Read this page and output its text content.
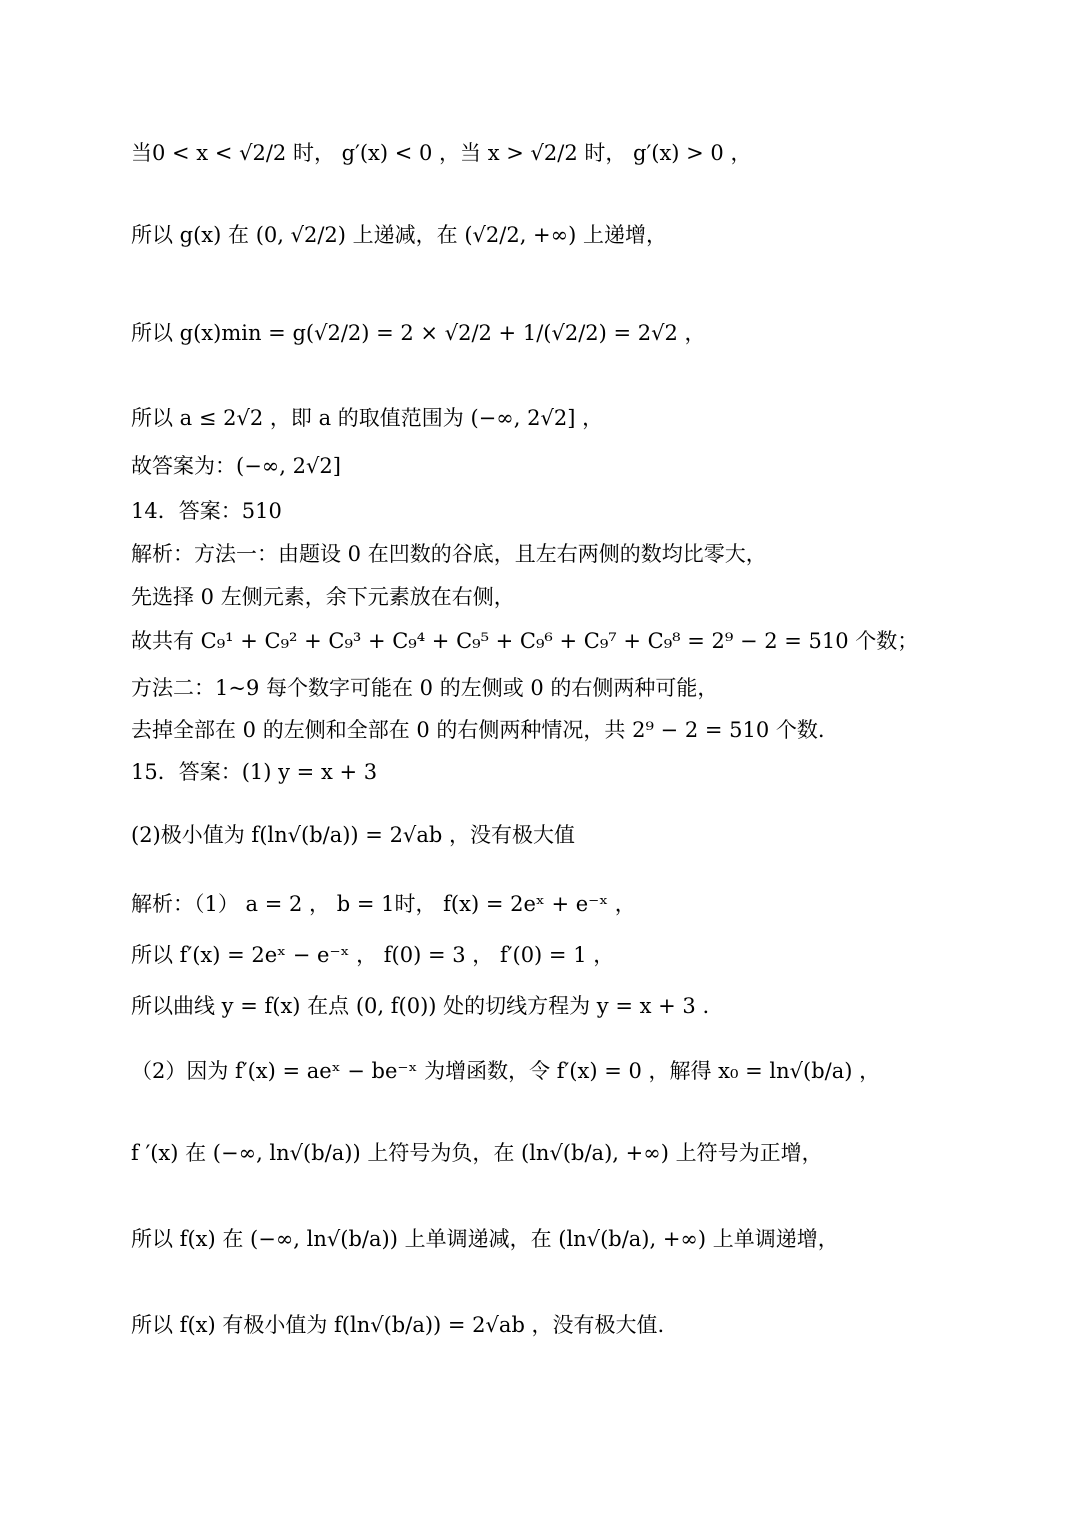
当0 < x < √2/2 时， g′(x) < 0 ，当 x > √2/2 时， g′(x) > 0 ，
所以 g(x) 在 (0, √2/2) 上递减，在 (√2/2, +∞) 上递增，
所以 g(x)min = g(√2/2) = 2 × √2/2 + 1/(√2/2) = 2√2 ，
所以 a ≤ 2√2 ，即 a 的取值范围为 (−∞, 2√2] ，
故答案为：(−∞, 2√2]
14．答案：510
解析：方法一：由题设 0 在凹数的谷底，且左右两侧的数均比零大，
先选择 0 左侧元素，余下元素放在右侧，
故共有 C₉¹ + C₉² + C₉³ + C₉⁴ + C₉⁵ + C₉⁶ + C₉⁷ + C₉⁸ = 2⁹ − 2 = 510 个数；
方法二：1~9 每个数字可能在 0 的左侧或 0 的右侧两种可能，
去掉全部在 0 的左侧和全部在 0 的右侧两种情况，共 2⁹ − 2 = 510 个数.
15．答案：(1) y = x + 3
(2)极小值为 f(ln√(b/a)) = 2√ab ，没有极大值
解析：（1） a = 2 ， b = 1时， f(x) = 2eˣ + e⁻ˣ ，
所以 f′(x) = 2eˣ − e⁻ˣ ， f(0) = 3 ， f′(0) = 1 ，
所以曲线 y = f(x) 在点 (0, f(0)) 处的切线方程为 y = x + 3 .
（2）因为 f′(x) = aeˣ − be⁻ˣ 为增函数，令 f′(x) = 0 ，解得 x₀ = ln√(b/a) ，
f ′(x) 在 (−∞, ln√(b/a)) 上符号为负，在 (ln√(b/a), +∞) 上符号为正增，
所以 f(x) 在 (−∞, ln√(b/a)) 上单调递减，在 (ln√(b/a), +∞) 上单调递增，
所以 f(x) 有极小值为 f(ln√(b/a)) = 2√ab ，没有极大值.
